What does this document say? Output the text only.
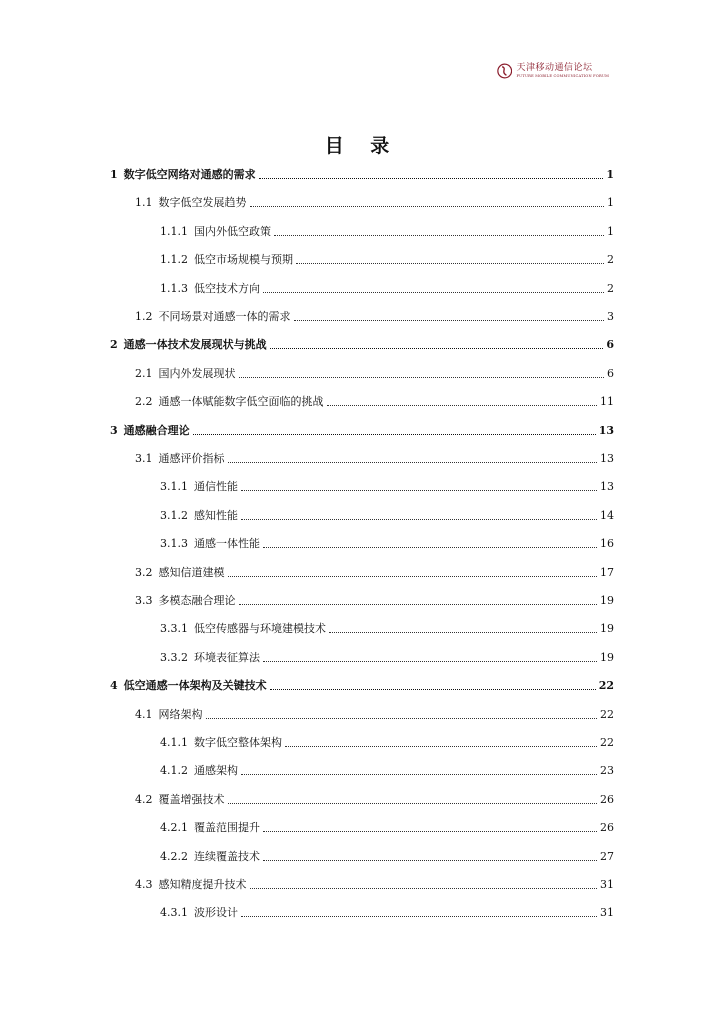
天津移动通信论坛
FUTURE MOBILE COMMUNICATION FORUM
目 录
1 数字低空网络对通感的需求	1
1.1 数字低空发展趋势	1
1.1.1 国内外低空政策	1
1.1.2 低空市场规模与预期	2
1.1.3 低空技术方向	2
1.2 不同场景对通感一体的需求	3
2 通感一体技术发展现状与挑战	6
2.1 国内外发展现状	6
2.2 通感一体赋能数字低空面临的挑战	11
3 通感融合理论	13
3.1 通感评价指标	13
3.1.1 通信性能	13
3.1.2 感知性能	14
3.1.3 通感一体性能	16
3.2 感知信道建模	17
3.3 多模态融合理论	19
3.3.1 低空传感器与环境建模技术	19
3.3.2 环境表征算法	19
4 低空通感一体架构及关键技术	22
4.1 网络架构	22
4.1.1 数字低空整体架构	22
4.1.2 通感架构	23
4.2 覆盖增强技术	26
4.2.1 覆盖范围提升	26
4.2.2 连续覆盖技术	27
4.3 感知精度提升技术	31
4.3.1 波形设计	31
